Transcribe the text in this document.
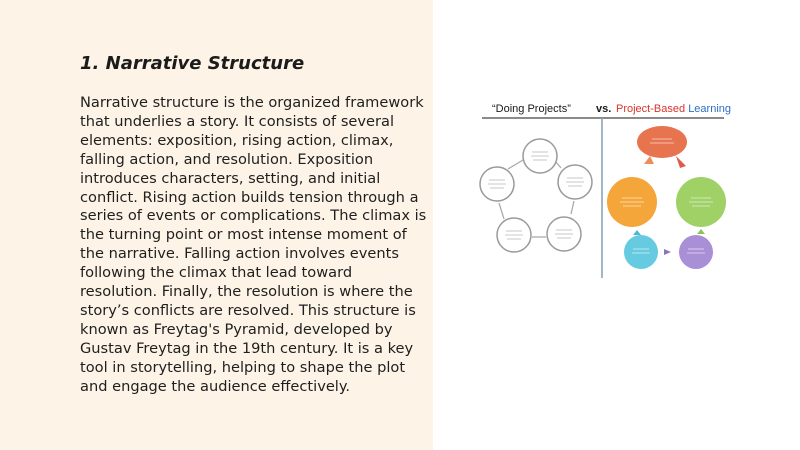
1. Narrative Structure

Narrative structure is the organized framework that underlies a story. It consists of several elements: exposition, rising action, climax, falling action, and resolution. Exposition introduces characters, setting, and initial conflict. Rising action builds tension through a series of events or complications. The climax is the turning point or most intense moment of the narrative. Falling action involves events following the climax that lead toward resolution. Finally, the resolution is where the story’s conflicts are resolved. This structure is known as Freytag's Pyramid, developed by Gustav Freytag in the 19th century. It is a key tool in storytelling, helping to shape the plot and engage the audience effectively.

“Doing Projects” vs. Project-Based Learning
